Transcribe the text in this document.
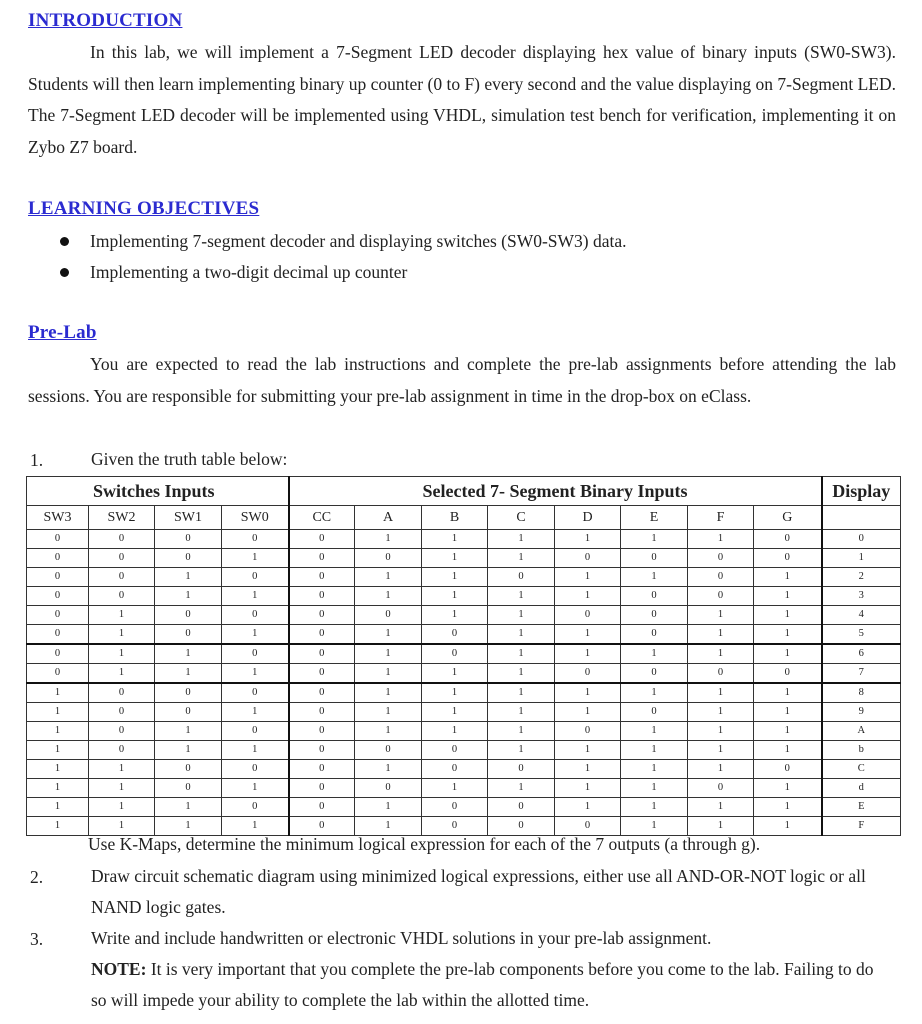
INTRODUCTION
In this lab, we will implement a 7-Segment LED decoder displaying hex value of binary inputs (SW0-SW3). Students will then learn implementing binary up counter (0 to F) every second and the value displaying on 7-Segment LED. The 7-Segment LED decoder will be implemented using VHDL, simulation test bench for verification, implementing it on Zybo Z7 board.
LEARNING OBJECTIVES
Implementing 7-segment decoder and displaying switches (SW0-SW3) data.
Implementing a two-digit decimal up counter
Pre-Lab
You are expected to read the lab instructions and complete the pre-lab assignments before attending the lab sessions. You are responsible for submitting your pre-lab assignment in time in the drop-box on eClass.
1.	Given the truth table below:
Switches Inputs				Selected 7- Segment Binary Inputs								Display
SW3	SW2	SW1	SW0	CC	A	B	C	D	E	F	G	
0	0	0	0	0	1	1	1	1	1	1	0	0
0	0	0	1	0	0	1	1	0	0	0	0	1
0	0	1	0	0	1	1	0	1	1	0	1	2
0	0	1	1	0	1	1	1	1	0	0	1	3
0	1	0	0	0	0	1	1	0	0	1	1	4
0	1	0	1	0	1	0	1	1	0	1	1	5
0	1	1	0	0	1	0	1	1	1	1	1	6
0	1	1	1	0	1	1	1	0	0	0	0	7
1	0	0	0	0	1	1	1	1	1	1	1	8
1	0	0	1	0	1	1	1	1	0	1	1	9
1	0	1	0	0	1	1	1	0	1	1	1	A
1	0	1	1	0	0	0	1	1	1	1	1	b
1	1	0	0	0	1	0	0	1	1	1	0	C
1	1	0	1	0	0	1	1	1	1	0	1	d
1	1	1	0	0	1	0	0	1	1	1	1	E
1	1	1	1	0	1	0	0	0	1	1	1	F
Use K-Maps, determine the minimum logical expression for each of the 7 outputs (a through g).
2.	Draw circuit schematic diagram using minimized logical expressions, either use all AND-OR-NOT logic or all NAND logic gates.
3.	Write and include handwritten or electronic VHDL solutions in your pre-lab assignment.
NOTE: It is very important that you complete the pre-lab components before you come to the lab. Failing to do so will impede your ability to complete the lab within the allotted time.
